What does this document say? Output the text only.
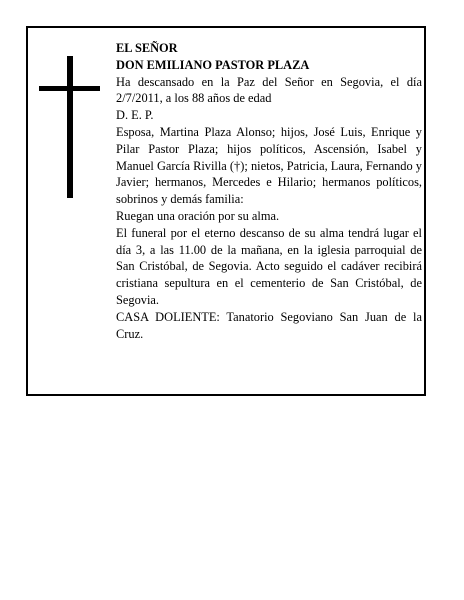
EL SEÑOR

DON EMILIANO PASTOR PLAZA

Ha descansado en la Paz del Señor en Segovia, el día 2/7/2011, a los 88 años de edad

D. E. P.

Esposa, Martina Plaza Alonso; hijos, José Luis, Enrique y Pilar Pastor Plaza; hijos políticos, Ascensión, Isabel y Manuel García Rivilla (†); nietos, Patricia, Laura, Fernando y Javier; hermanos, Mercedes e Hilario; hermanos políticos, sobrinos y demás familia:

Ruegan una oración por su alma.

El funeral por el eterno descanso de su alma tendrá lugar el día 3, a las 11.00 de la mañana, en la iglesia parroquial de San Cristóbal, de Segovia. Acto seguido el cadáver recibirá cristiana sepultura en el cementerio de San Cristóbal, de Segovia.

CASA DOLIENTE: Tanatorio Segoviano San Juan de la Cruz.
